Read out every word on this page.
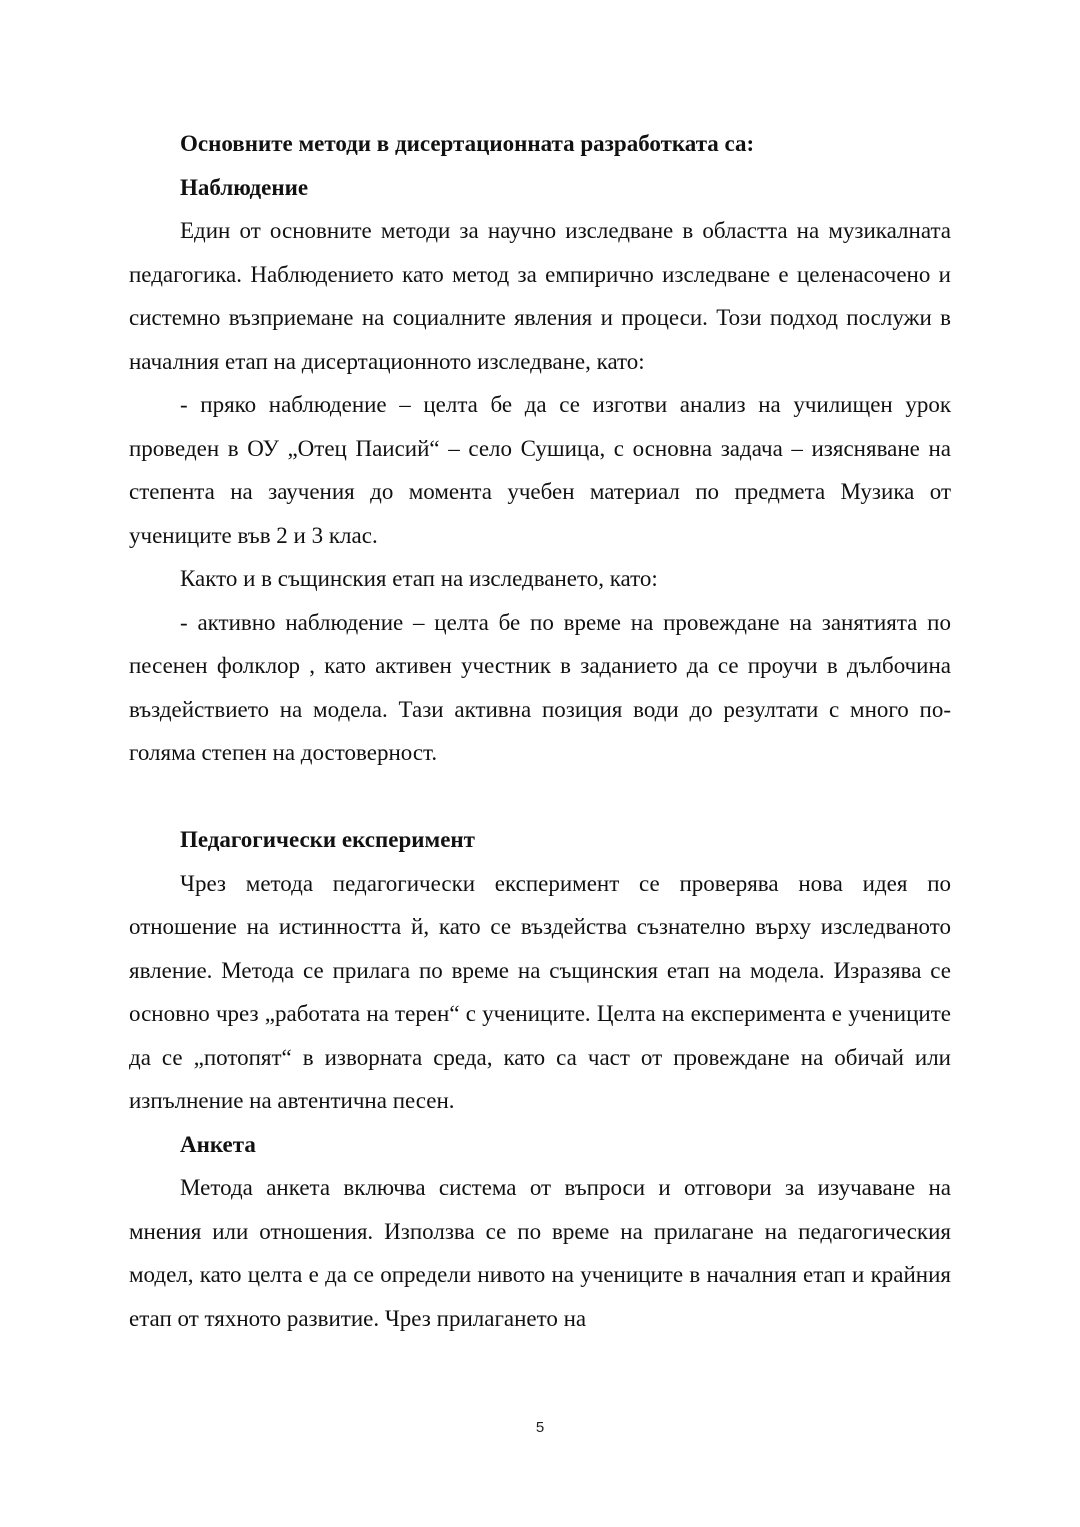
Основните методи в дисертационната разработката са:

Наблюдение

Един от основните методи за научно изследване в областта на музикалната педагогика. Наблюдението като метод за емпирично изследване е целенасочено и системно възприемане на социалните явления и процеси. Този подход послужи в началния етап на дисертационното изследване, като:

- пряко наблюдение – целта бе да се изготви анализ на училищен урок проведен в ОУ „Отец Паисий“ – село Сушица, с основна задача – изясняване на степента на заучения до момента учебен материал по предмета Музика от учениците във 2 и 3 клас.

Както и в същинския етап на изследването, като:

- активно наблюдение – целта бе по време на провеждане на занятията по песенен фолклор , като активен учестник в заданието да се проучи в дълбочина въздействието на модела. Тази активна позиция води до резултати с много по-голяма степен на достоверност.

Педагогически експеримент

Чрез метода педагогически експеримент се проверява нова идея по отношение на истинността й, като се въздейства съзнателно върху изследваното явление. Метода се прилага по време на същинския етап на модела. Изразява се основно чрез „работата на терен“ с учениците. Целта на експеримента е учениците да се „потопят“ в изворната среда, като са част от провеждане на обичай или изпълнение на автентична песен.

Анкета

Метода анкета включва система от въпроси и отговори за изучаване на мнения или отношения. Използва се по време на прилагане на педагогическия модел, като целта е да се определи нивото на учениците в началния етап и крайния етап от тяхното развитие. Чрез прилагането на

5
